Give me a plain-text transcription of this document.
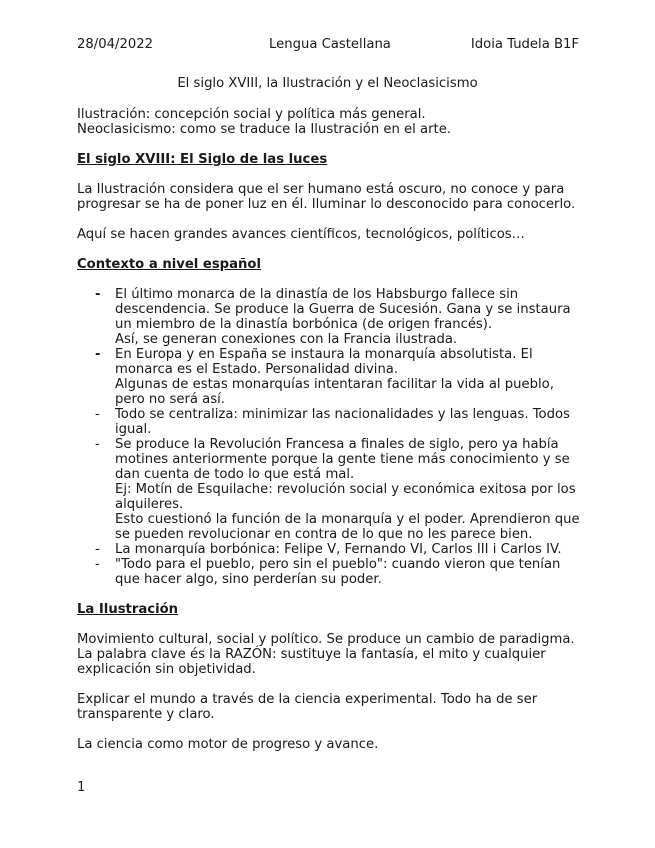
28/04/2022	Lengua Castellana	Idoia Tudela B1F
El siglo XVIII, la Ilustración y el Neoclasicismo

Ilustración: concepción social y política más general.

Neoclasicismo: como se traduce la Ilustración en el arte.

El siglo XVIII: El Siglo de las luces

La Ilustración considera que el ser humano está oscuro, no conoce y para progresar se ha de poner luz en él. Iluminar lo desconocido para conocerlo.

Aquí se hacen grandes avances científicos, tecnológicos, políticos…

Contexto a nivel español

- El último monarca de la dinastía de los Habsburgo fallece sin descendencia. Se produce la Guerra de Sucesión. Gana y se instaura un miembro de la dinastía borbónica (de origen francés).

Así, se generan conexiones con la Francia ilustrada.

- En Europa y en España se instaura la monarquía absolutista. El monarca es el Estado. Personalidad divina.

Algunas de estas monarquías intentaran facilitar la vida al pueblo, pero no será así.

- Todo se centraliza: minimizar las nacionalidades y las lenguas. Todos igual.

- Se produce la Revolución Francesa a finales de siglo, pero ya había motines anteriormente porque la gente tiene más conocimiento y se dan cuenta de todo lo que está mal.

Ej: Motín de Esquilache: revolución social y económica exitosa por los alquileres.

Esto cuestionó la función de la monarquía y el poder. Aprendieron que se pueden revolucionar en contra de lo que no les parece bien.

- La monarquía borbónica: Felipe V, Fernando VI, Carlos III i Carlos IV.

- "Todo para el pueblo, pero sin el pueblo": cuando vieron que tenían que hacer algo, sino perderían su poder.

La Ilustración

Movimiento cultural, social y político. Se produce un cambio de paradigma. La palabra clave és la RAZÓN: sustituye la fantasía, el mito y cualquier explicación sin objetividad.

Explicar el mundo a través de la ciencia experimental. Todo ha de ser transparente y claro.

La ciencia como motor de progreso y avance.

1
